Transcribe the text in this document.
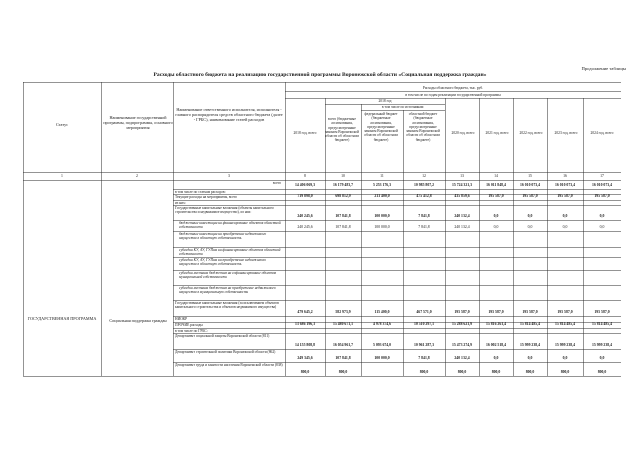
Продолжение таблицы
Расходы областного бюджета на реализацию государственной программы Воронежской области «Социальная поддержка граждан»
Статус
Наименование государственной программы, подпрограммы, основного мероприятия
Наименование ответственного исполнителя, исполнителя - главного распорядителя средств областного бюджета (далее - ГРБС), наименование статей расходов
Расходы областного бюджета, тыс. руб.
в том числе по годам реализации государственной программы
2018 год
в том числе по источникам:
2018 год, всего
всего (бюджетные ассигнования, предусмотренные законом Воронежской области об областном бюджете)
федеральный бюджет (бюджетные ассигнования, предусмотренные законом Воронежской области об областном бюджете)
областной бюджет (бюджетные ассигнования, предусмотренные законом Воронежской области об областном бюджете)
2020 год, всего	2021 год, всего	2022 год, всего	2023 год, всего	2024 год, всего
1	2	3	8	10	11	12	13	14	15	16	17
ГОСУДАРСТВЕННАЯ ПРОГРАММА	Социальная поддержка граждан
всего
14 406 069,3	16 179 483,7	5 253 176,3	10 985 807,2	15 724 321,3	16 011 848,4	16 010 073,4	16 010 073,4	16 010 073,4
в том числе по статьям расходов:
Текущие расходы на мероприятия, всего	719 898,0	698 812,9	213 400,0	475 412,8	435 859,6	195 587,0	195 587,0	195 587,0	195 587,0
из них:
Государственные капитальные вложения (объекты капитального строительства и недвижимое имущество), из них:
240 245,6	107 841,8	100 000,0	7 841,8	240 132,4	0,0	0,0	0,0	0,0
бюджетные инвестиции на финансирование объектов областной собственности	240 245,6	107 841,8	100 000,0	7 841,8	240 132,4	0,0	0,0	0,0	0,0
бюджетные инвестиции на приобретение недвижимого имущества в областную собственность
субсидии КУ, АУ, ГУПам на финансирование объектов областной собственности
субсидии КУ, АУ, ГУПам на приобретение недвижимого имущества в областную собственность
субсидии местным бюджетам на софинансирование объектов муниципальной собственности
субсидии местным бюджетам на приобретение недвижимого имущества в муниципальную собственность
Государственные капитальные вложения (за исключением объектов капитального строительства и объектов недвижимого имущества)
479 645,2	582 973,9	115 400,0	467 571,0	195 587,0	195 587,0	195 587,0	195 587,0	195 587,0
НИОКР
ПРОЧИЕ расходы	13 686 196,3	15 480 671,1	4 978 374,6	10 510 297,1	15 288 621,9	15 816 261,4	15 814 485,4	15 814 485,4	15 814 485,4
в том числе по ГРБС:
Департамент социальной защиты Воронежской области (811)
14 155 808,8	16 054 961,7	5 093 674,0	10 961 287,3	15 473 274,9	16 002 518,4	15 999 238,4	15 999 238,4	15 999 238,4
Департамент строительной политики Воронежской области (862)
249 345,6	107 841,8	100 000,0	7 841,8	240 132,4	0,0	0,0	0,0	0,0
Департамент труда и занятости населения Воронежской области (838)
800,0	800,0	800,0	800,0	800,0	800,0	800,0	800,0
